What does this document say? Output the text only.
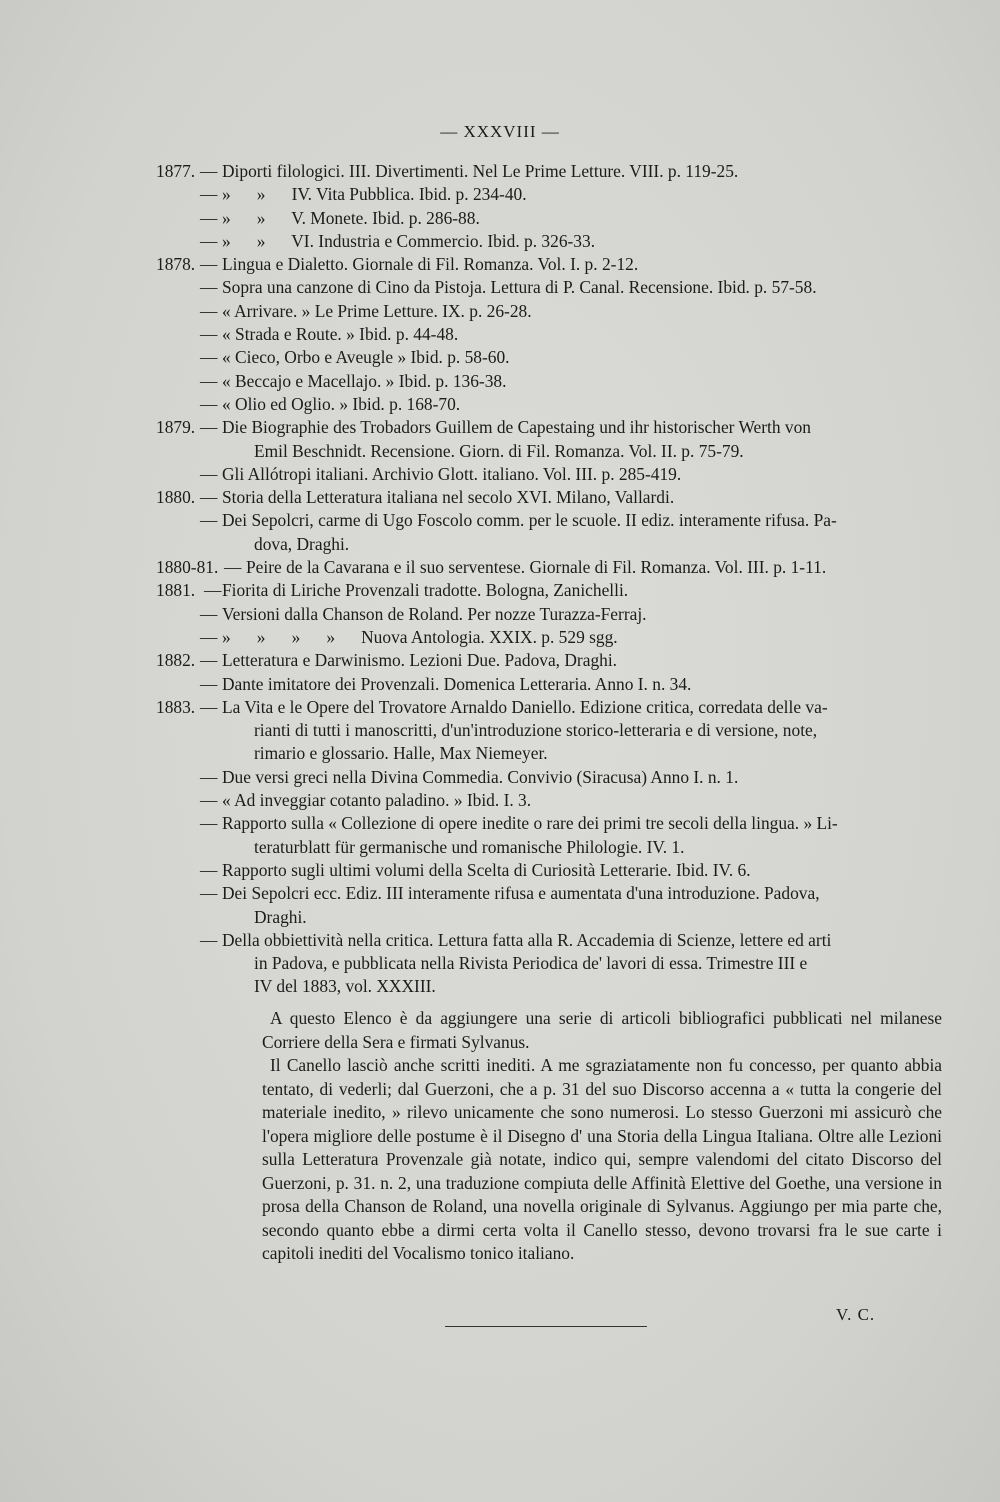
— XXXVIII —
1877. — Diporti filologici. III. Divertimenti. Nel Le Prime Letture. VIII. p. 119-25.
— »      »      IV. Vita Pubblica. Ibid. p. 234-40.
— »      »      V. Monete. Ibid. p. 286-88.
— »      »      VI. Industria e Commercio. Ibid. p. 326-33.
1878. — Lingua e Dialetto. Giornale di Fil. Romanza. Vol. I. p. 2-12.
— Sopra una canzone di Cino da Pistoja. Lettura di P. Canal. Recensione. Ibid. p. 57-58.
— « Arrivare. » Le Prime Letture. IX. p. 26-28.
— « Strada e Route. » Ibid. p. 44-48.
— « Cieco, Orbo e Aveugle » Ibid. p. 58-60.
— « Beccajo e Macellajo. » Ibid. p. 136-38.
— « Olio ed Oglio. » Ibid. p. 168-70.
1879. — Die Biographie des Trobadors Guillem de Capestaing und ihr historischer Werth von
Emil Beschnidt. Recensione. Giorn. di Fil. Romanza. Vol. II. p. 75-79.
— Gli Allótropi italiani. Archivio Glott. italiano. Vol. III. p. 285-419.
1880. — Storia della Letteratura italiana nel secolo XVI. Milano, Vallardi.
— Dei Sepolcri, carme di Ugo Foscolo comm. per le scuole. II ediz. interamente rifusa. Pa-
dova, Draghi.
1880-81. — Peire de la Cavarana e il suo serventese. Giornale di Fil. Romanza. Vol. III. p. 1-11.
1881. — Fiorita di Liriche Provenzali tradotte. Bologna, Zanichelli.
— Versioni dalla Chanson de Roland. Per nozze Turazza-Ferraj.
— »      »      »      »      Nuova Antologia. XXIX. p. 529 sgg.
1882. — Letteratura e Darwinismo. Lezioni Due. Padova, Draghi.
— Dante imitatore dei Provenzali. Domenica Letteraria. Anno I. n. 34.
1883. — La Vita e le Opere del Trovatore Arnaldo Daniello. Edizione critica, corredata delle va-
rianti di tutti i manoscritti, d'un'introduzione storico-letteraria e di versione, note,
rimario e glossario. Halle, Max Niemeyer.
— Due versi greci nella Divina Commedia. Convivio (Siracusa) Anno I. n. 1.
— « Ad inveggiar cotanto paladino. » Ibid. I. 3.
— Rapporto sulla « Collezione di opere inedite o rare dei primi tre secoli della lingua. » Li-
teraturblatt für germanische und romanische Philologie. IV. 1.
— Rapporto sugli ultimi volumi della Scelta di Curiosità Letterarie. Ibid. IV. 6.
— Dei Sepolcri ecc. Ediz. III interamente rifusa e aumentata d'una introduzione. Padova,
Draghi.
— Della obbiettività nella critica. Lettura fatta alla R. Accademia di Scienze, lettere ed arti
in Padova, e pubblicata nella Rivista Periodica de' lavori di essa. Trimestre III e
IV del 1883, vol. XXXIII.

A questo Elenco è da aggiungere una serie di articoli bibliografici pubblicati nel milanese Corriere della Sera e firmati Sylvanus.

Il Canello lasciò anche scritti inediti. A me sgraziatamente non fu concesso, per quanto abbia tentato, di vederli; dal Guerzoni, che a p. 31 del suo Discorso accenna a « tutta la congerie del materiale inedito, » rilevo unicamente che sono numerosi. Lo stesso Guerzoni mi assicurò che l'opera migliore delle postume è il Disegno d' una Storia della Lingua Italiana. Oltre alle Lezioni sulla Letteratura Provenzale già notate, indico qui, sempre valendomi del citato Discorso del Guerzoni, p. 31. n. 2, una traduzione compiuta delle Affinità Elettive del Goethe, una versione in prosa della Chanson de Roland, una novella originale di Sylvanus. Aggiungo per mia parte che, secondo quanto ebbe a dirmi certa volta il Canello stesso, devono trovarsi fra le sue carte i capitoli inediti del Vocalismo tonico italiano.

V. C.
